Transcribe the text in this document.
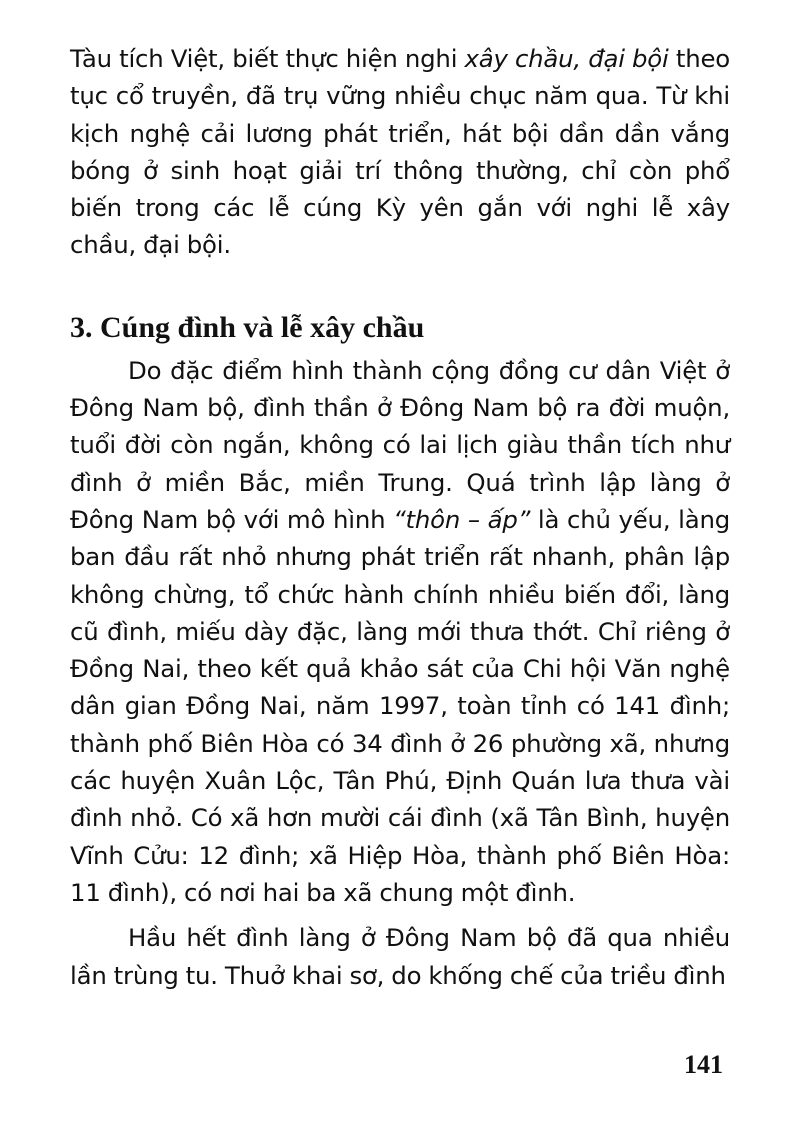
Tàu tích Việt, biết thực hiện nghi xây chầu, đại bội theo tục cổ truyền, đã trụ vững nhiều chục năm qua. Từ khi kịch nghệ cải lương phát triển, hát bội dần dần vắng bóng ở sinh hoạt giải trí thông thường, chỉ còn phổ biến trong các lễ cúng Kỳ yên gắn với nghi lễ xây chầu, đại bội.

3. Cúng đình và lễ xây chầu

Do đặc điểm hình thành cộng đồng cư dân Việt ở Đông Nam bộ, đình thần ở Đông Nam bộ ra đời muộn, tuổi đời còn ngắn, không có lai lịch giàu thần tích như đình ở miền Bắc, miền Trung. Quá trình lập làng ở Đông Nam bộ với mô hình “thôn – ấp” là chủ yếu, làng ban đầu rất nhỏ nhưng phát triển rất nhanh, phân lập không chừng, tổ chức hành chính nhiều biến đổi, làng cũ đình, miếu dày đặc, làng mới thưa thớt. Chỉ riêng ở Đồng Nai, theo kết quả khảo sát của Chi hội Văn nghệ dân gian Đồng Nai, năm 1997, toàn tỉnh có 141 đình; thành phố Biên Hòa có 34 đình ở 26 phường xã, nhưng các huyện Xuân Lộc, Tân Phú, Định Quán lưa thưa vài đình nhỏ. Có xã hơn mười cái đình (xã Tân Bình, huyện Vĩnh Cửu: 12 đình; xã Hiệp Hòa, thành phố Biên Hòa: 11 đình), có nơi hai ba xã chung một đình.

Hầu hết đình làng ở Đông Nam bộ đã qua nhiều lần trùng tu. Thuở khai sơ, do khống chế của triều đình

141
